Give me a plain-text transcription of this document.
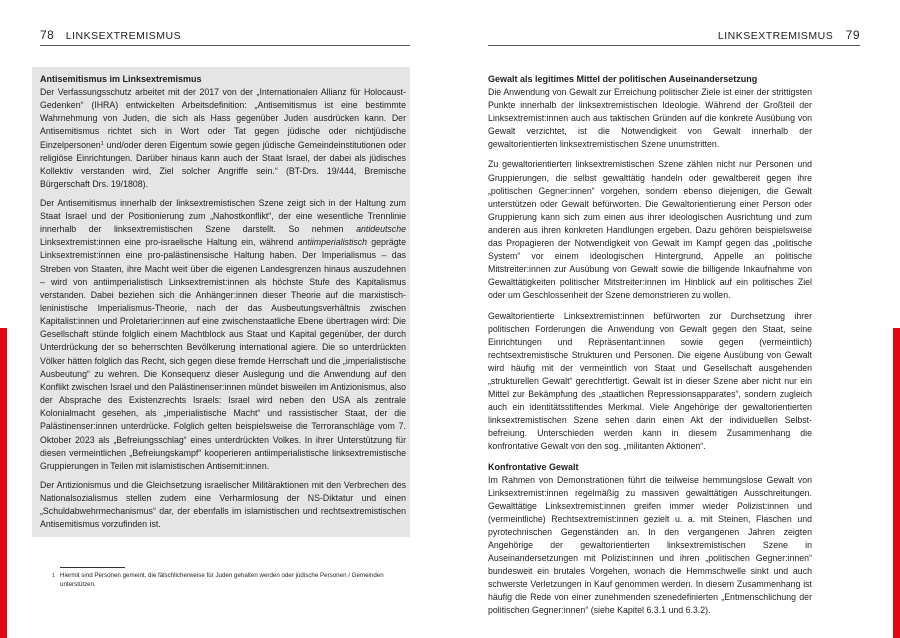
78 LINKSEXTREMISMUS
Antisemitismus im Linksextremismus

Der Verfassungsschutz arbeitet mit der 2017 von der „Internationalen Allianz für Holocaust-Gedenken“ (IHRA) entwickelten Arbeitsdefinition: „Antisemitismus ist eine bestimmte Wahrnehmung von Juden, die sich als Hass gegenüber Juden ausdrücken kann. Der Antisemitismus richtet sich in Wort oder Tat gegen jüdische oder nichtjüdische Einzelpersonen$^1$ und/oder deren Eigentum sowie gegen jüdische Gemeindeinstitutionen oder religiöse Einrichtungen. Darüber hinaus kann auch der Staat Israel, der dabei als jüdisches Kollektiv verstanden wird, Ziel solcher Angriffe sein.“ (BT-Drs. 19/444, Bremische Bürgerschaft Drs. 19/1808).

Der Antisemitismus innerhalb der linksextremistischen Szene zeigt sich in der Haltung zum Staat Israel und der Positionierung zum „Nahostkonflikt“, der eine wesentliche Trennlinie innerhalb der linksextremistischen Szene darstellt. So nehmen antideutsche Linksextremist:innen eine pro-israelische Haltung ein, während antiimperialistisch geprägte Linksextremist:innen eine pro-palästinensische Haltung haben. Der Imperialismus – das Streben von Staaten, ihre Macht weit über die eigenen Landesgrenzen hinaus auszudehnen – wird von antiimperialistisch Linksextremist:innen als höchste Stufe des Kapitalismus verstanden. Dabei beziehen sich die Anhänger:innen dieser Theorie auf die marxistisch-leninistische Imperialismus-Theorie, nach der das Ausbeutungsverhältnis zwischen Kapitalist:innen und Proletarier:innen auf eine zwischenstaatliche Ebene übertragen wird: Die Gesellschaft stünde folglich einem Machtblock aus Staat und Kapital gegenüber, der durch Unterdrückung der so beherrschten Bevölkerung international agiere. Die so unterdrückten Völker hätten folglich das Recht, sich gegen diese fremde Herrschaft und die „imperialistische Ausbeutung“ zu wehren. Die Konsequenz dieser Auslegung und die Anwendung auf den Konflikt zwischen Israel und den Palästinenser:innen mündet bisweilen im Antizionismus, also der Absprache des Existenzrechts Israels: Israel wird neben den USA als zentrale Kolonialmacht gesehen, als „imperialistische Macht“ und rassistischer Staat, der die Palästinenser:innen unterdrücke. Folglich gelten beispielsweise die Terroranschläge vom 7. Oktober 2023 als „Befreiungsschlag“ eines unterdrückten Volkes. In ihrer Unterstützung für diesen vermeintlichen „Befreiungskampf“ kooperieren antiimperialistische linksextremistische Gruppierungen in Teilen mit islamistischen Antisemit:innen.

Der Antizionismus und die Gleichsetzung israelischer Militäraktionen mit den Verbrechen des Nationalsozialismus stellen zudem eine Verharmlosung der NS-Diktatur und einen „Schuldabwehrmechanismus“ dar, der ebenfalls im islamistischen und rechtsextremistischen Antisemitismus vorzufinden ist.

1 Hiermit sind Personen gemeint, die fälschlicherweise für Juden gehalten werden oder jüdische Personen / Gemeinden unterstützen.
LINKSEXTREMISMUS 79
Gewalt als legitimes Mittel der politischen Auseinandersetzung

Die Anwendung von Gewalt zur Erreichung politischer Ziele ist einer der strittigsten Punkte innerhalb der linksextremistischen Ideologie. Während der Großteil der Linksextremist:innen auch aus taktischen Gründen auf die konkrete Ausübung von Gewalt verzichtet, ist die Notwendigkeit von Gewalt innerhalb der gewaltorientierten linksextremistischen Szene unumstritten.

Zu gewaltorientierten linksextremistischen Szene zählen nicht nur Personen und Gruppierungen, die selbst gewalttätig handeln oder gewaltbereit gegen ihre „politischen Gegner:innen“ vorgehen, sondern ebenso diejenigen, die Gewalt unterstützen oder Gewalt befürworten. Die Gewaltorientierung einer Person oder Gruppierung kann sich zum einen aus ihrer ideologischen Ausrichtung und zum anderen aus ihren konkreten Handlungen ergeben. Dazu gehören beispielsweise das Propagieren der Notwendigkeit von Gewalt im Kampf gegen das „politische System“ vor einem ideologischen Hintergrund, Appelle an politische Mitstreiter:innen zur Ausübung von Gewalt sowie die billigende Inkaufnahme von Gewalttätigkeiten politischer Mitstreiter:innen im Hinblick auf ein politisches Ziel oder um Geschlossenheit der Szene demonstrieren zu wollen.

Gewaltorientierte Linksextremist:innen befürworten zur Durchsetzung ihrer politischen Forderungen die Anwendung von Gewalt gegen den Staat, seine Einrichtungen und Repräsentant:innen sowie gegen (vermeintlich) rechtsextremistische Strukturen und Personen. Die eigene Ausübung von Gewalt wird häufig mit der vermeintlich von Staat und Gesellschaft ausgehenden „strukturellen Gewalt“ gerechtfertigt. Gewalt ist in dieser Szene aber nicht nur ein Mittel zur Bekämpfung des „staatlichen Repressionsapparates“, sondern zugleich auch ein identitätsstiftendes Merkmal. Viele Angehörige der gewaltorientierten linksextremistischen Szene sehen darin einen Akt der individuellen Selbstbefreiung. Unterschieden werden kann in diesem Zusammenhang die konfrontative Gewalt von den sog. „militanten Aktionen“.

Konfrontative Gewalt

Im Rahmen von Demonstrationen führt die teilweise hemmungslose Gewalt von Linksextremist:innen regelmäßig zu massiven gewalttätigen Ausschreitungen. Gewalttätige Linksextremist:innen greifen immer wieder Polizist:innen und (vermeintliche) Rechtsextremist:innen gezielt u. a. mit Steinen, Flaschen und pyrotechnischen Gegenständen an. In den vergangenen Jahren zeigten Angehörige der gewaltorientierten linksextremistischen Szene in Auseinandersetzungen mit Polizist:innen und ihren „politischen Gegner:innen“ bundesweit ein brutales Vorgehen, wonach die Hemmschwelle sinkt und auch schwerste Verletzungen in Kauf genommen werden. In diesem Zusammenhang ist häufig die Rede von einer zunehmenden szenedefinierten „Entmenschlichung der politischen Gegner:innen“ (siehe Kapitel 6.3.1 und 6.3.2).
